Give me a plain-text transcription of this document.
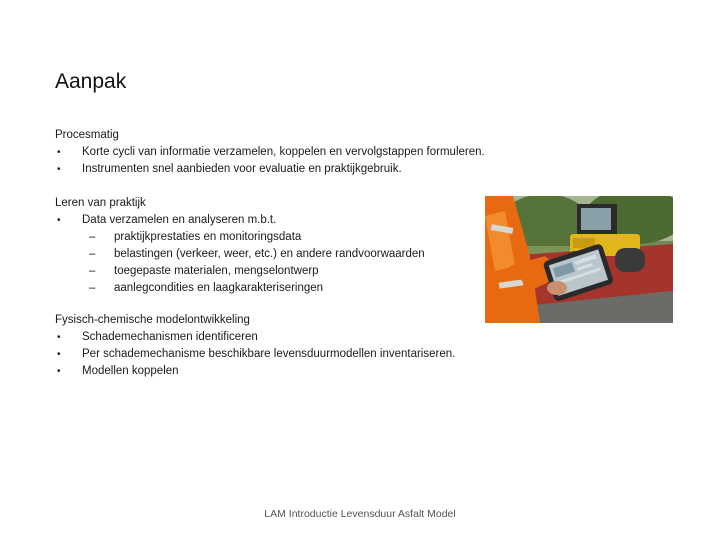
Aanpak
Procesmatig
• Korte cycli van informatie verzamelen, koppelen en vervolgstappen formuleren.
• Instrumenten snel aanbieden voor evaluatie en praktijkgebruik.
Leren van praktijk
• Data verzamelen en analyseren m.b.t.
– praktijkprestaties en monitoringsdata
– belastingen (verkeer, weer, etc.) en andere randvoorwaarden
– toegepaste materialen, mengselontwerp
– aanlegcondities en laagkarakteriseringen
Fysisch-chemische modelontwikkeling
• Schademechanismen identificeren
• Per schademechanisme beschikbare levensduurmodellen inventariseren.
• Modellen koppelen
LAM Introductie Levensduur Asfalt Model
